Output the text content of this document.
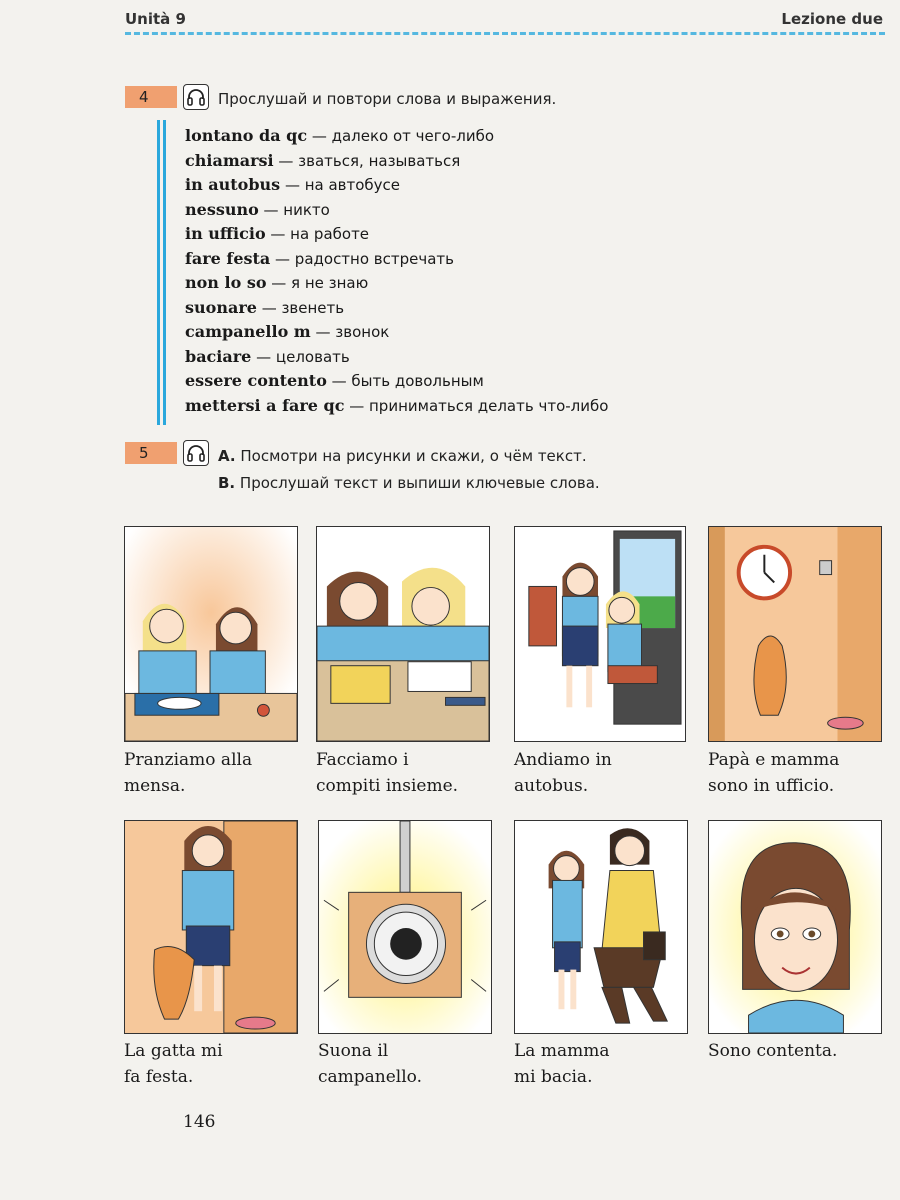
Unità 9	Lezione due
4	Прослушай и повтори слова и выражения.
lontano da qc — далеко от чего-либо
chiamarsi — зваться, называться
in autobus — на автобусе
nessuno — никто
in ufficio — на работе
fare festa — радостно встречать
non lo so — я не знаю
suonare — звенеть
campanello m — звонок
baciare — целовать
essere contento — быть довольным
mettersi a fare qc — приниматься делать что-либо
5	A. Посмотри на рисунки и скажи, о чём текст.
B. Прослушай текст и выпиши ключевые слова.
Pranziamo alla
mensa.
Facciamo i
compiti insieme.
Andiamo in
autobus.
Papà e mamma
sono in ufficio.
La gatta mi
fa festa.
Suona il
campanello.
La mamma
mi bacia.
Sono contenta.
146
